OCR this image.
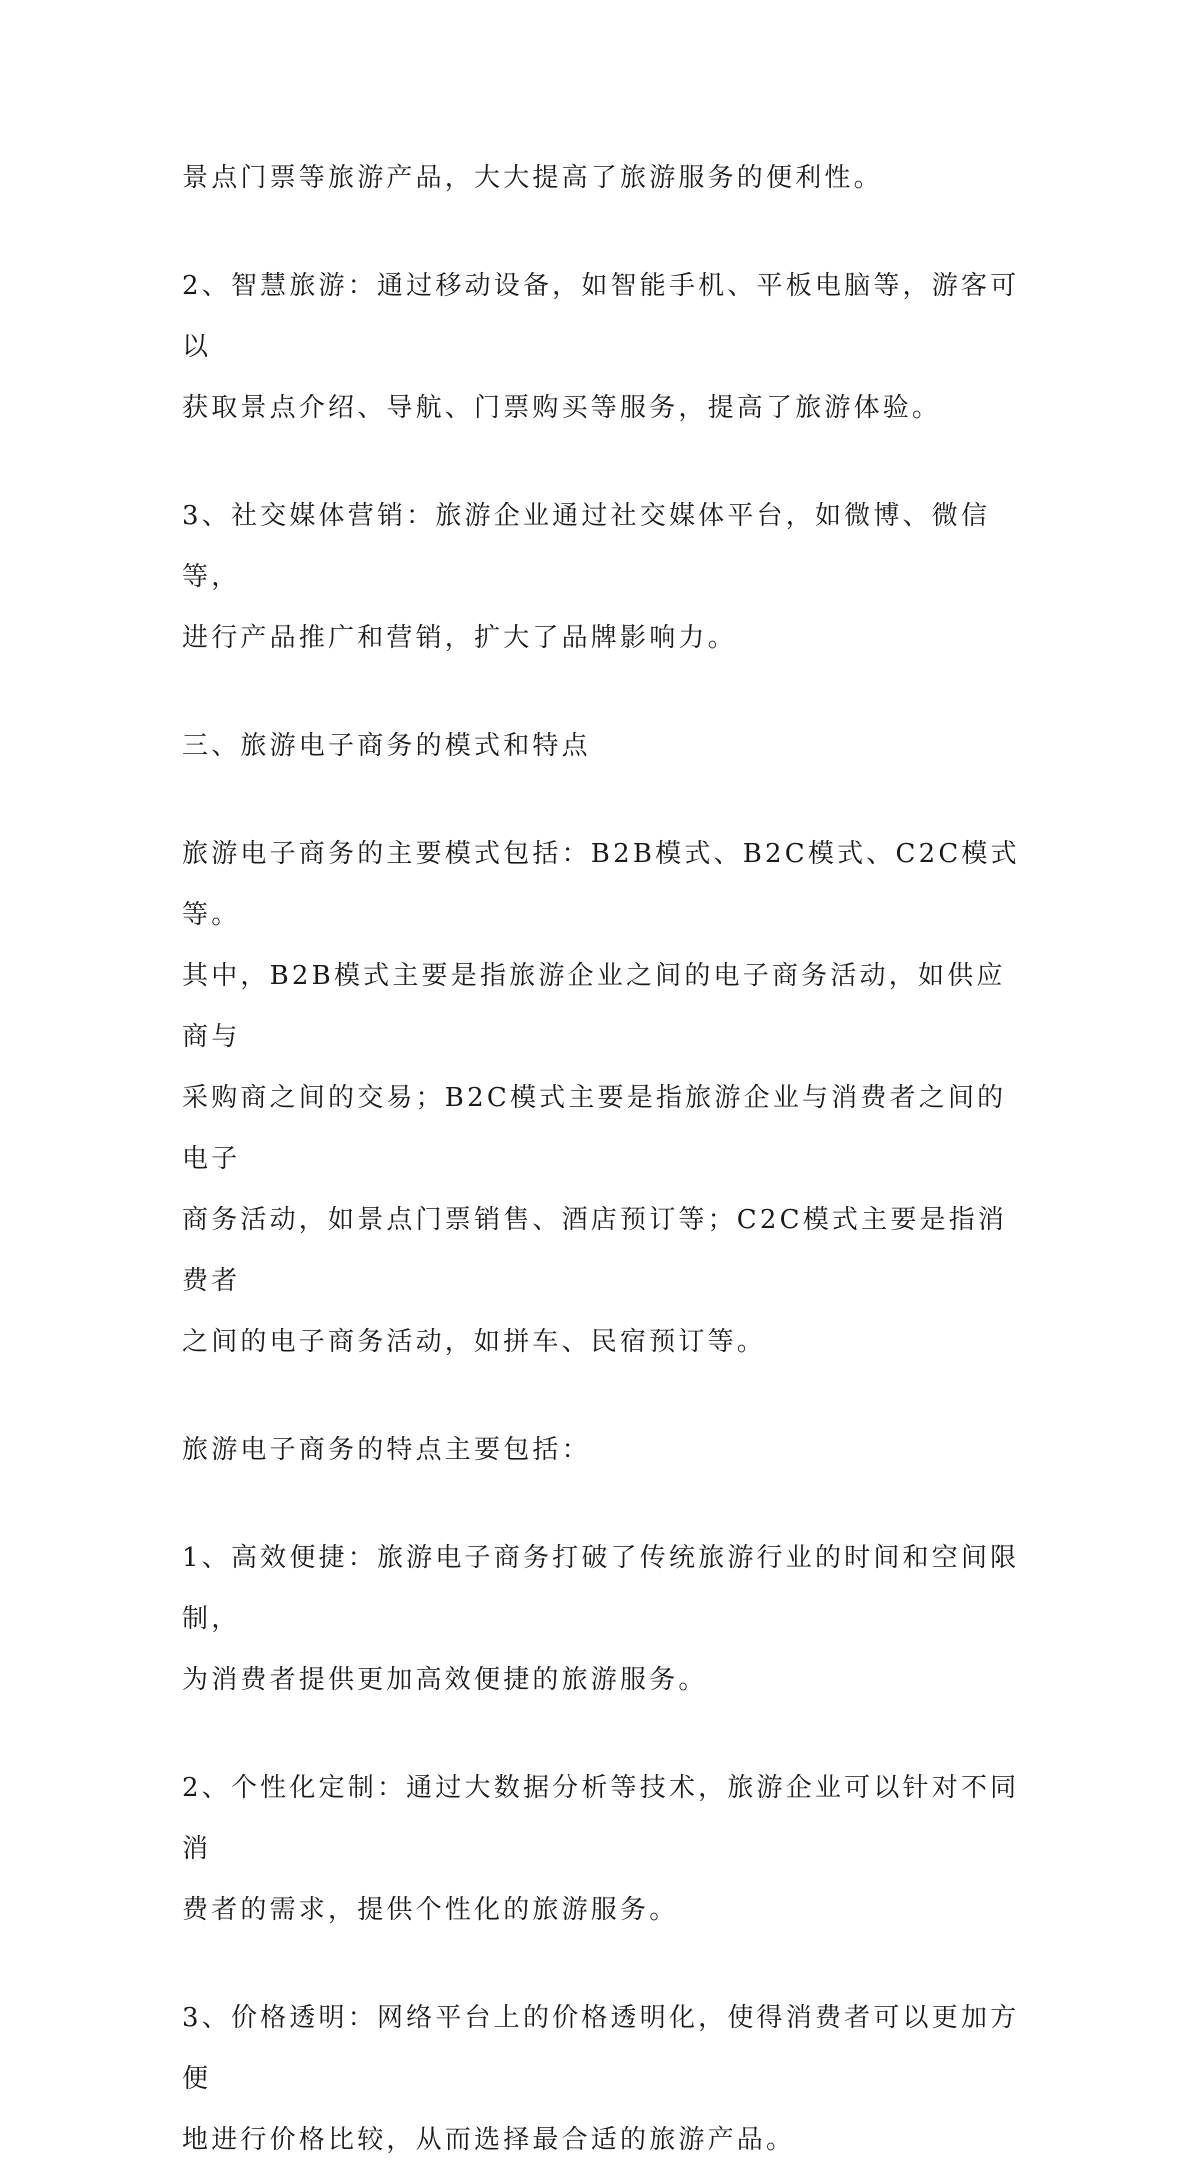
景点门票等旅游产品，大大提高了旅游服务的便利性。

2、智慧旅游：通过移动设备，如智能手机、平板电脑等，游客可以
获取景点介绍、导航、门票购买等服务，提高了旅游体验。

3、社交媒体营销：旅游企业通过社交媒体平台，如微博、微信等，
进行产品推广和营销，扩大了品牌影响力。

三、旅游电子商务的模式和特点

旅游电子商务的主要模式包括：B2B模式、B2C模式、C2C模式等。
其中，B2B模式主要是指旅游企业之间的电子商务活动，如供应商与
采购商之间的交易；B2C模式主要是指旅游企业与消费者之间的电子
商务活动，如景点门票销售、酒店预订等；C2C模式主要是指消费者
之间的电子商务活动，如拼车、民宿预订等。

旅游电子商务的特点主要包括：

1、高效便捷：旅游电子商务打破了传统旅游行业的时间和空间限制，
为消费者提供更加高效便捷的旅游服务。

2、个性化定制：通过大数据分析等技术，旅游企业可以针对不同消
费者的需求，提供个性化的旅游服务。

3、价格透明：网络平台上的价格透明化，使得消费者可以更加方便
地进行价格比较，从而选择最合适的旅游产品。
